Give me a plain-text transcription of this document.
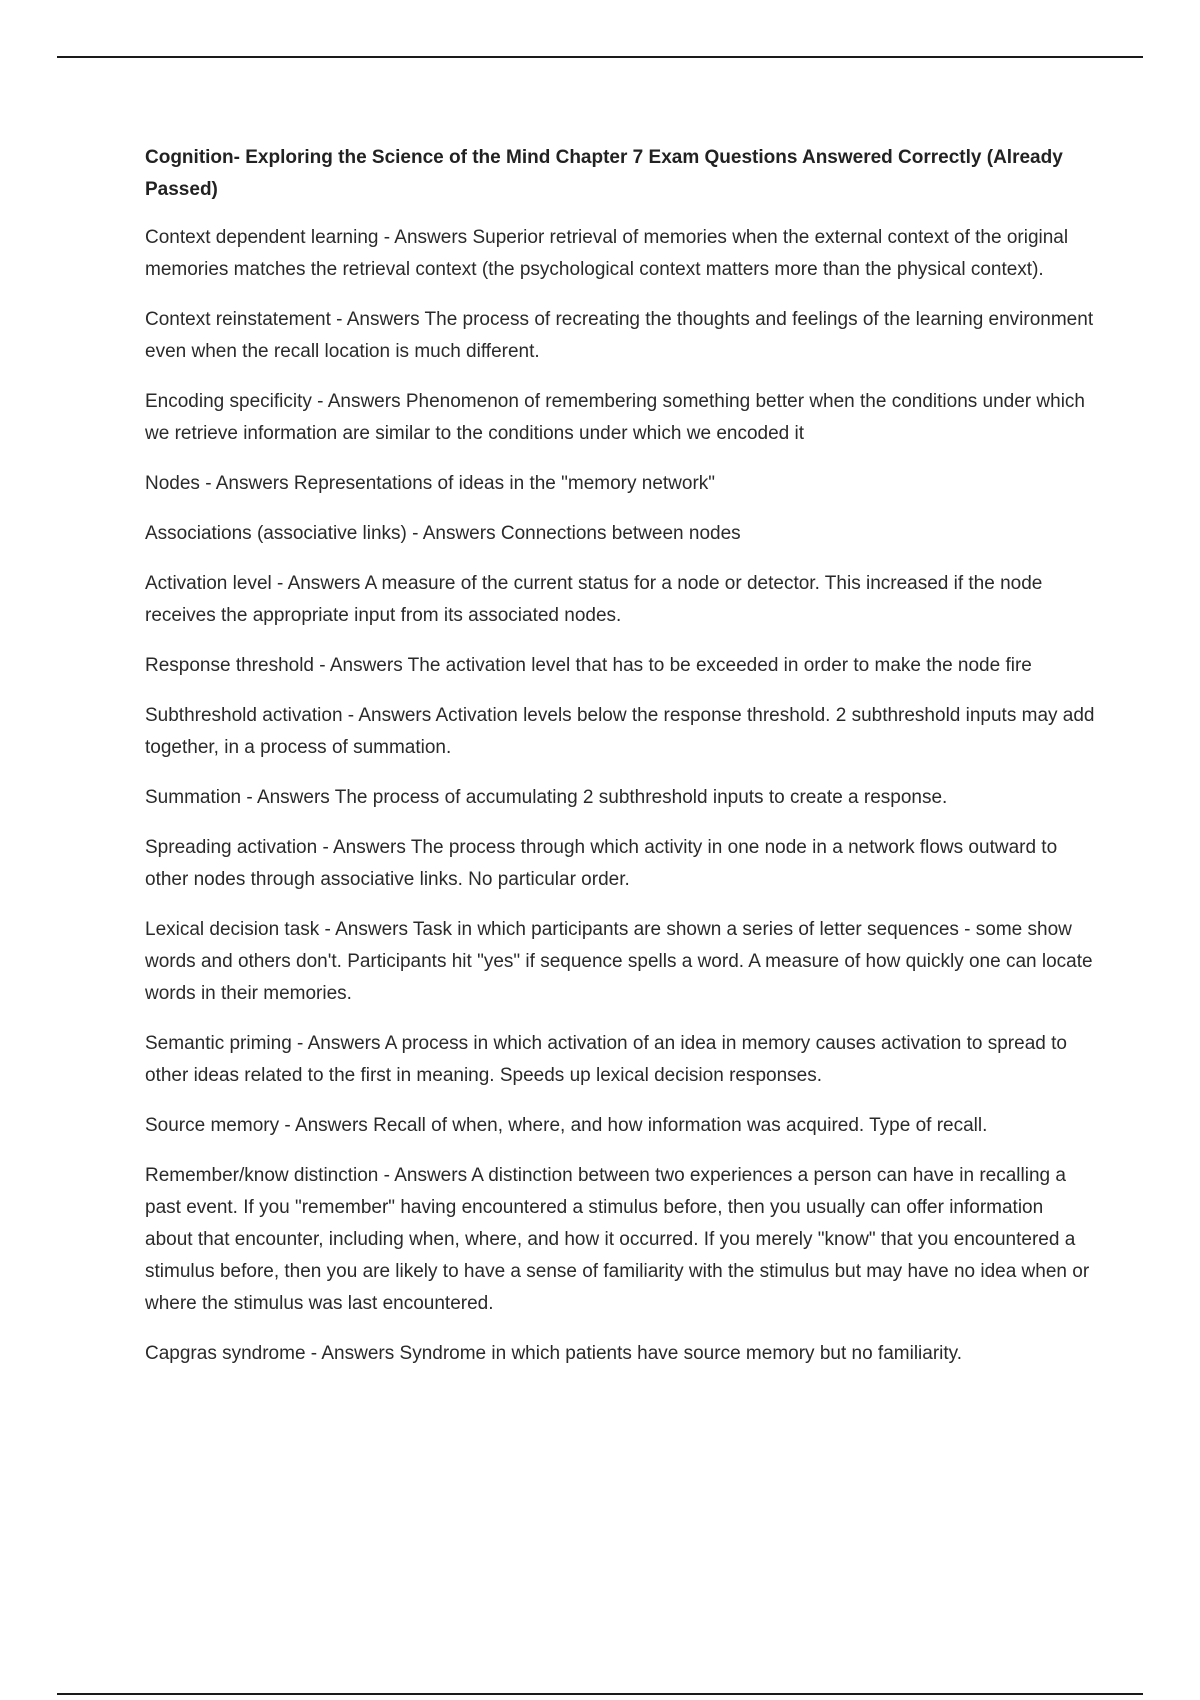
Cognition- Exploring the Science of the Mind Chapter 7 Exam Questions Answered Correctly (Already Passed)
Context dependent learning - Answers Superior retrieval of memories when the external context of the original memories matches the retrieval context (the psychological context matters more than the physical context).
Context reinstatement - Answers The process of recreating the thoughts and feelings of the learning environment even when the recall location is much different.
Encoding specificity - Answers Phenomenon of remembering something better when the conditions under which we retrieve information are similar to the conditions under which we encoded it
Nodes - Answers Representations of ideas in the "memory network"
Associations (associative links) - Answers Connections between nodes
Activation level - Answers A measure of the current status for a node or detector. This increased if the node receives the appropriate input from its associated nodes.
Response threshold - Answers The activation level that has to be exceeded in order to make the node fire
Subthreshold activation - Answers Activation levels below the response threshold. 2 subthreshold inputs may add together, in a process of summation.
Summation - Answers The process of accumulating 2 subthreshold inputs to create a response.
Spreading activation - Answers The process through which activity in one node in a network flows outward to other nodes through associative links. No particular order.
Lexical decision task - Answers Task in which participants are shown a series of letter sequences - some show words and others don't. Participants hit "yes" if sequence spells a word. A measure of how quickly one can locate words in their memories.
Semantic priming - Answers A process in which activation of an idea in memory causes activation to spread to other ideas related to the first in meaning. Speeds up lexical decision responses.
Source memory - Answers Recall of when, where, and how information was acquired. Type of recall.
Remember/know distinction - Answers A distinction between two experiences a person can have in recalling a past event. If you "remember" having encountered a stimulus before, then you usually can offer information about that encounter, including when, where, and how it occurred. If you merely "know" that you encountered a stimulus before, then you are likely to have a sense of familiarity with the stimulus but may have no idea when or where the stimulus was last encountered.
Capgras syndrome - Answers Syndrome in which patients have source memory but no familiarity.
